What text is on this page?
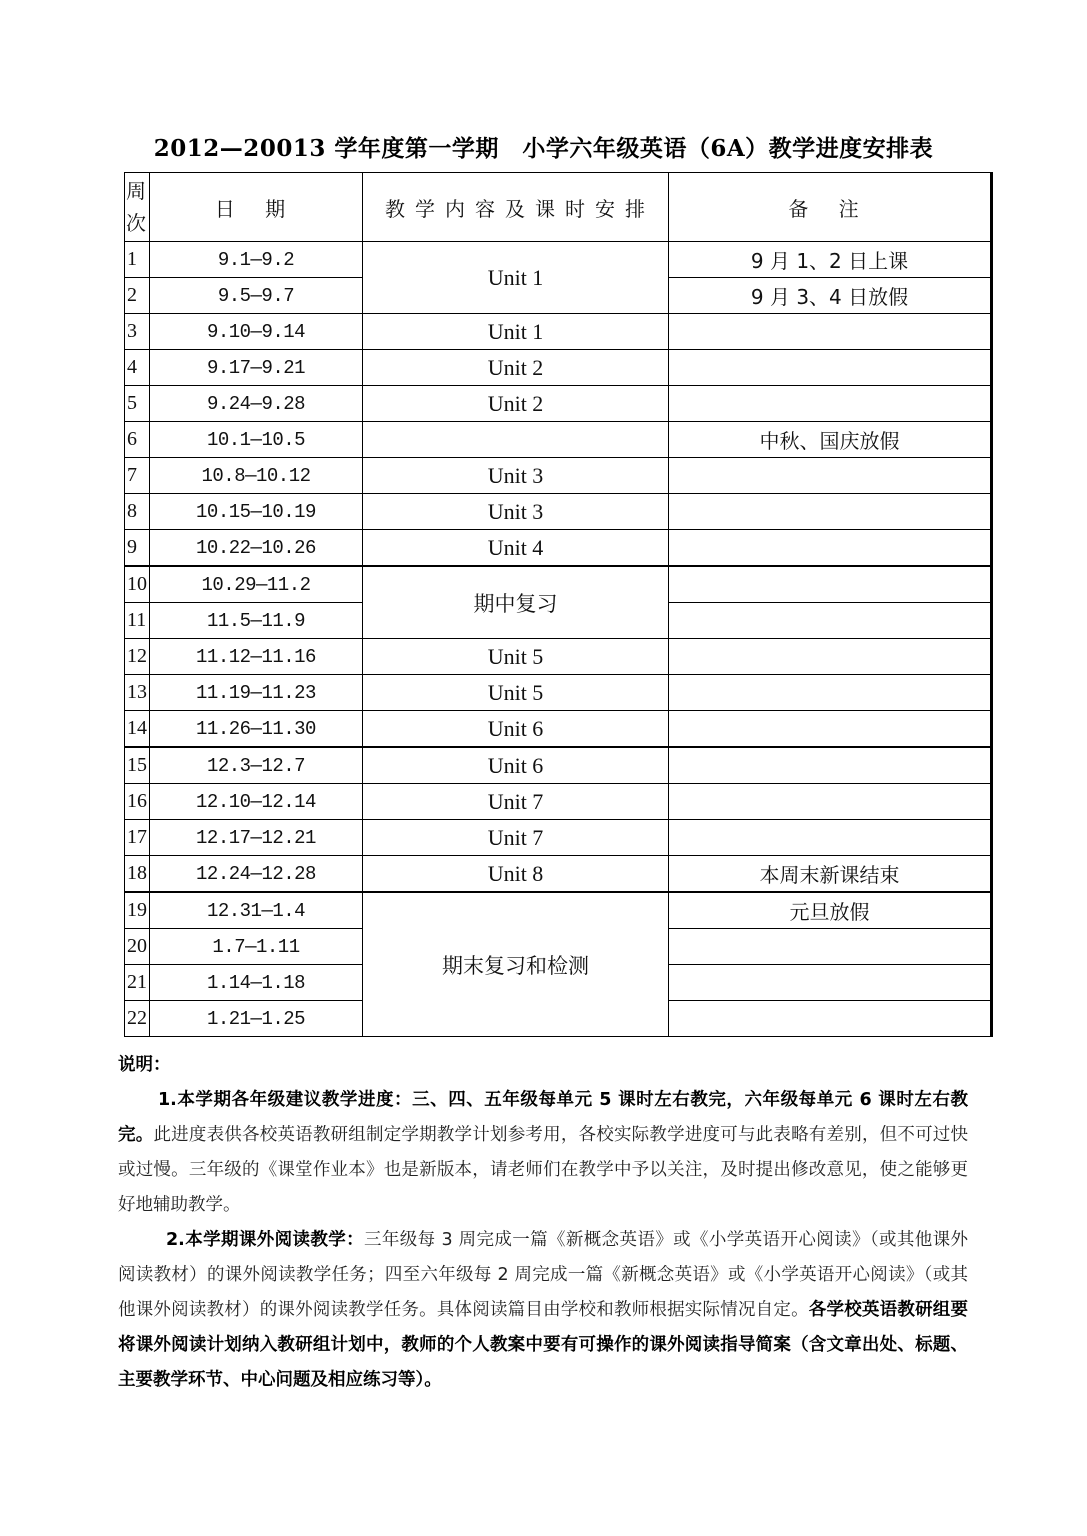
2012—20013 学年度第一学期　小学六年级英语（6A）教学进度安排表
周次	日 期	教学内容及课时安排	备 注
1	9.1—9.2	Unit 1	9 月 1、2 日上课
2	9.5—9.7		9 月 3、4 日放假
3	9.10—9.14	Unit 1	
4	9.17—9.21	Unit 2	
5	9.24—9.28	Unit 2	
6	10.1—10.5		中秋、国庆放假
7	10.8—10.12	Unit 3	
8	10.15—10.19	Unit 3	
9	10.22—10.26	Unit 4	
10	10.29—11.2	期中复习	
11	11.5—11.9		
12	11.12—11.16	Unit 5	
13	11.19—11.23	Unit 5	
14	11.26—11.30	Unit 6	
15	12.3—12.7	Unit 6	
16	12.10—12.14	Unit 7	
17	12.17—12.21	Unit 7	
18	12.24—12.28	Unit 8	本周末新课结束
19	12.31—1.4	期末复习和检测	元旦放假
20	1.7—1.11		
21	1.14—1.18		
22	1.21—1.25		

说明：

1.本学期各年级建议教学进度：三、四、五年级每单元 5 课时左右教完，六年级每单元 6 课时左右教完。此进度表供各校英语教研组制定学期教学计划参考用，各校实际教学进度可与此表略有差别，但不可过快或过慢。三年级的《课堂作业本》也是新版本，请老师们在教学中予以关注，及时提出修改意见，使之能够更好地辅助教学。

2.本学期课外阅读教学：三年级每 3 周完成一篇《新概念英语》或《小学英语开心阅读》（或其他课外阅读教材）的课外阅读教学任务；四至六年级每 2 周完成一篇《新概念英语》或《小学英语开心阅读》（或其他课外阅读教材）的课外阅读教学任务。具体阅读篇目由学校和教师根据实际情况自定。各学校英语教研组要将课外阅读计划纳入教研组计划中，教师的个人教案中要有可操作的课外阅读指导简案（含文章出处、标题、主要教学环节、中心问题及相应练习等）。
